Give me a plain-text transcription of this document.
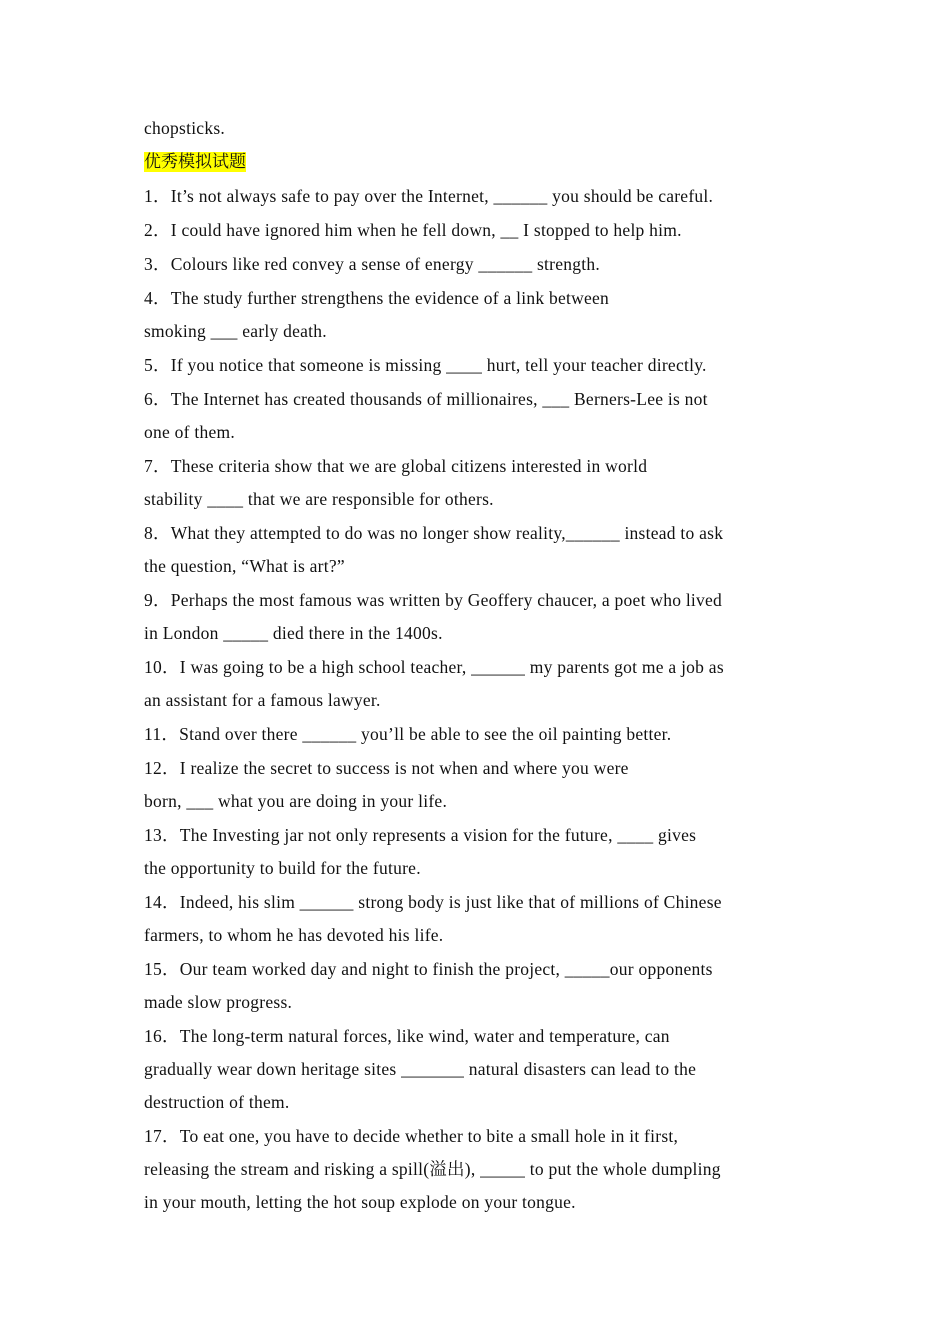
chopsticks.
优秀模拟试题
1．It’s not always safe to pay over the Internet, ______ you should be careful.
2．I could have ignored him when he fell down, __ I stopped to help him.
3．Colours like red convey a sense of energy ______ strength.
4．The study further strengthens the evidence of a link between
smoking ___ early death.
5．If you notice that someone is missing ____ hurt, tell your teacher directly.
6．The Internet has created thousands of millionaires, ___ Berners-Lee is not
one of them.
7．These criteria show that we are global citizens interested in world
stability ____ that we are responsible for others.
8．What they attempted to do was no longer show reality,______ instead to ask
the question, “What is art?”
9．Perhaps the most famous was written by Geoffery chaucer, a poet who lived
in London _____ died there in the 1400s.
10．I was going to be a high school teacher, ______ my parents got me a job as
an assistant for a famous lawyer.
11．Stand over there ______ you’ll be able to see the oil painting better.
12．I realize the secret to success is not when and where you were
born, ___ what you are doing in your life.
13．The Investing jar not only represents a vision for the future, ____ gives
the opportunity to build for the future.
14．Indeed, his slim ______ strong body is just like that of millions of Chinese
farmers, to whom he has devoted his life.
15．Our team worked day and night to finish the project, _____our opponents
made slow progress.
16．The long-term natural forces, like wind, water and temperature, can
gradually wear down heritage sites _______ natural disasters can lead to the
destruction of them.
17．To eat one, you have to decide whether to bite a small hole in it first,
releasing the stream and risking a spill(溢出), _____ to put the whole dumpling
in your mouth, letting the hot soup explode on your tongue.
